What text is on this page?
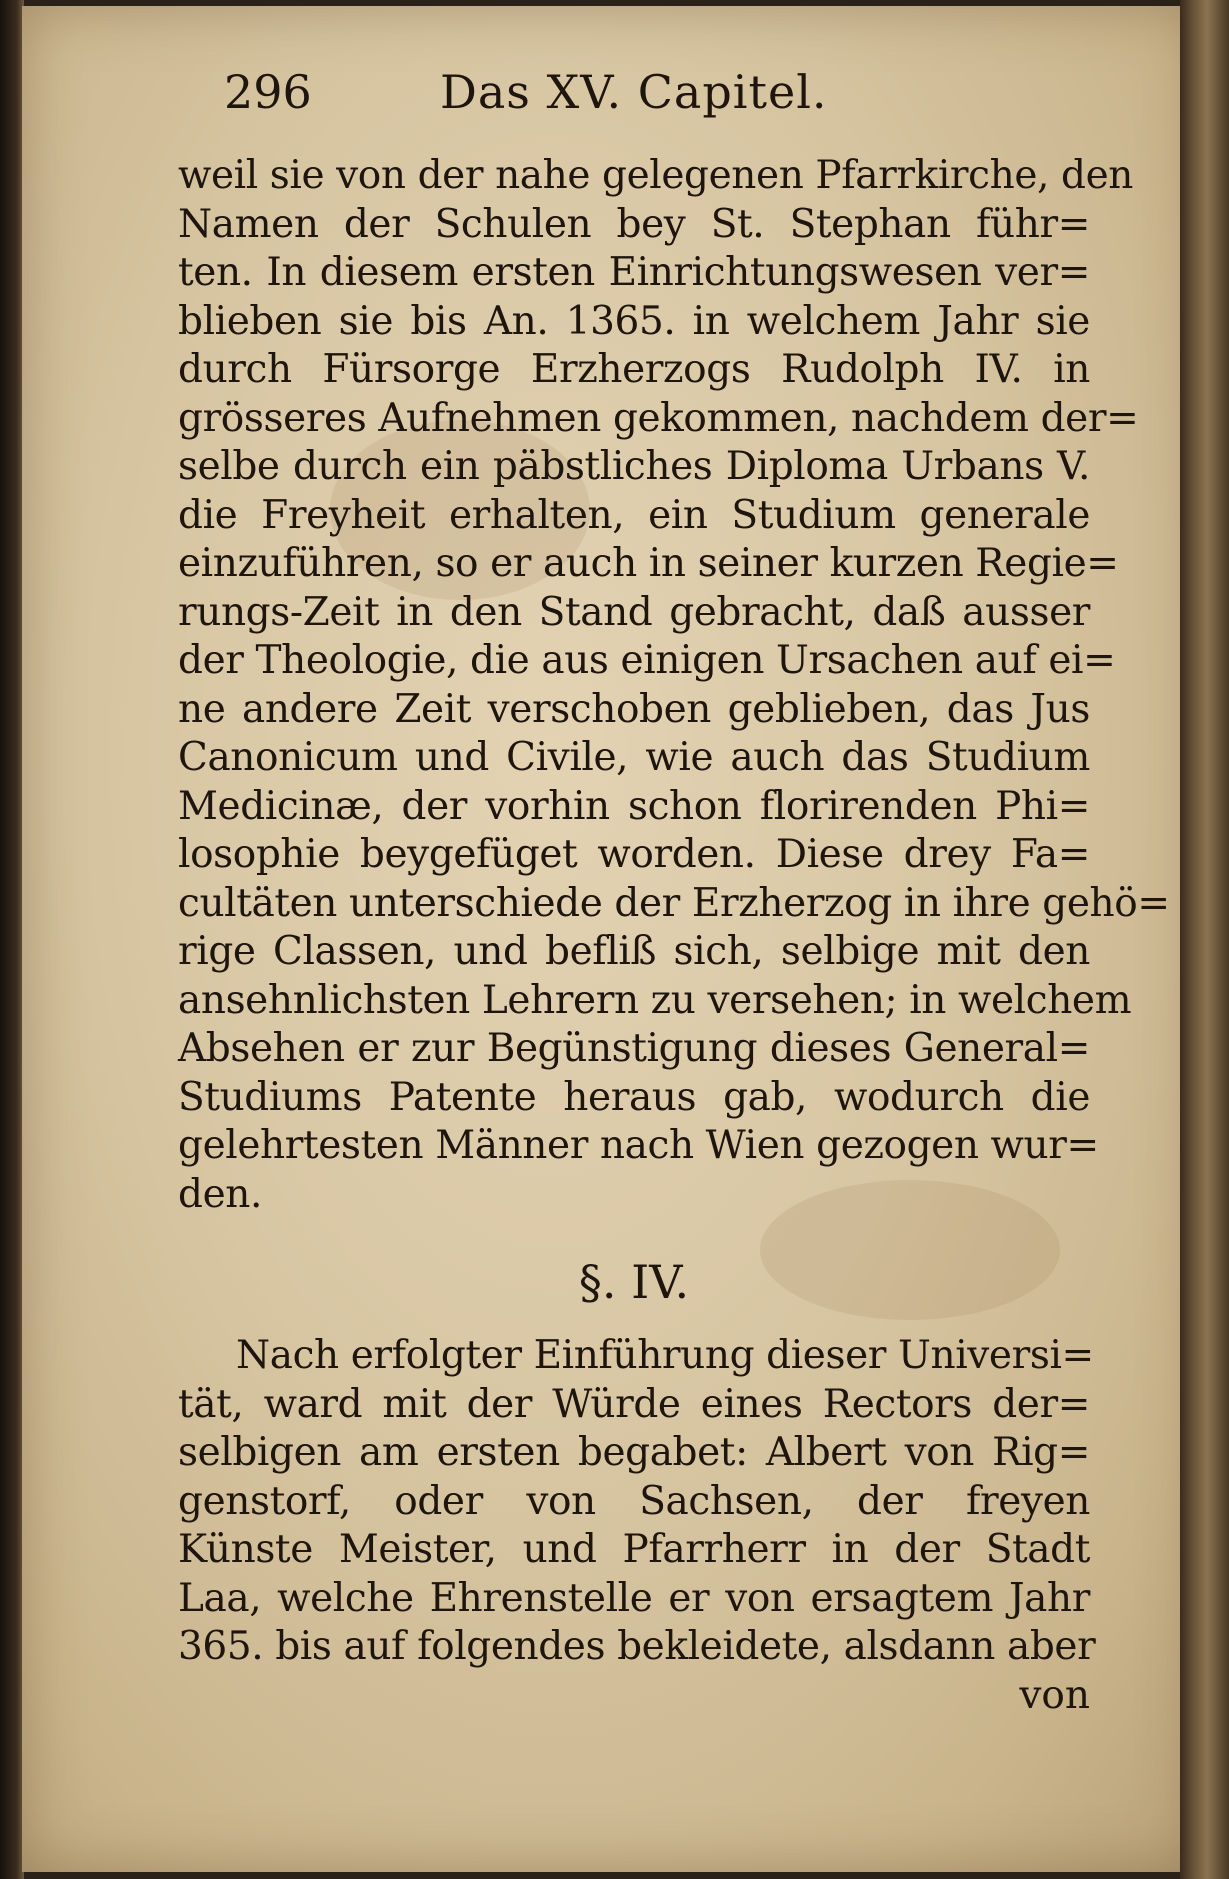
296	Das XV. Capitel.
weil sie von der nahe gelegenen Pfarrkirche, den
Namen der Schulen bey St. Stephan führ=
ten. In diesem ersten Einrichtungswesen ver=
blieben sie bis An. 1365. in welchem Jahr sie
durch Fürsorge Erzherzogs Rudolph IV. in
grösseres Aufnehmen gekommen, nachdem der=
selbe durch ein päbstliches Diploma Urbans V.
die Freyheit erhalten, ein Studium generale
einzuführen, so er auch in seiner kurzen Regie=
rungs-Zeit in den Stand gebracht, daß ausser
der Theologie, die aus einigen Ursachen auf ei=
ne andere Zeit verschoben geblieben, das Jus
Canonicum und Civile, wie auch das Studium
Medicinæ, der vorhin schon florirenden Phi=
losophie beygefüget worden. Diese drey Fa=
cultäten unterschiede der Erzherzog in ihre gehö=
rige Classen, und befliß sich, selbige mit den
ansehnlichsten Lehrern zu versehen; in welchem
Absehen er zur Begünstigung dieses General=
Studiums Patente heraus gab, wodurch die
gelehrtesten Männer nach Wien gezogen wur=
den.
§. IV.
Nach erfolgter Einführung dieser Universi=
tät, ward mit der Würde eines Rectors der=
selbigen am ersten begabet: Albert von Rig=
genstorf, oder von Sachsen, der freyen
Künste Meister, und Pfarrherr in der Stadt
Laa, welche Ehrenstelle er von ersagtem Jahr
365. bis auf folgendes bekleidete, alsdann aber
von
